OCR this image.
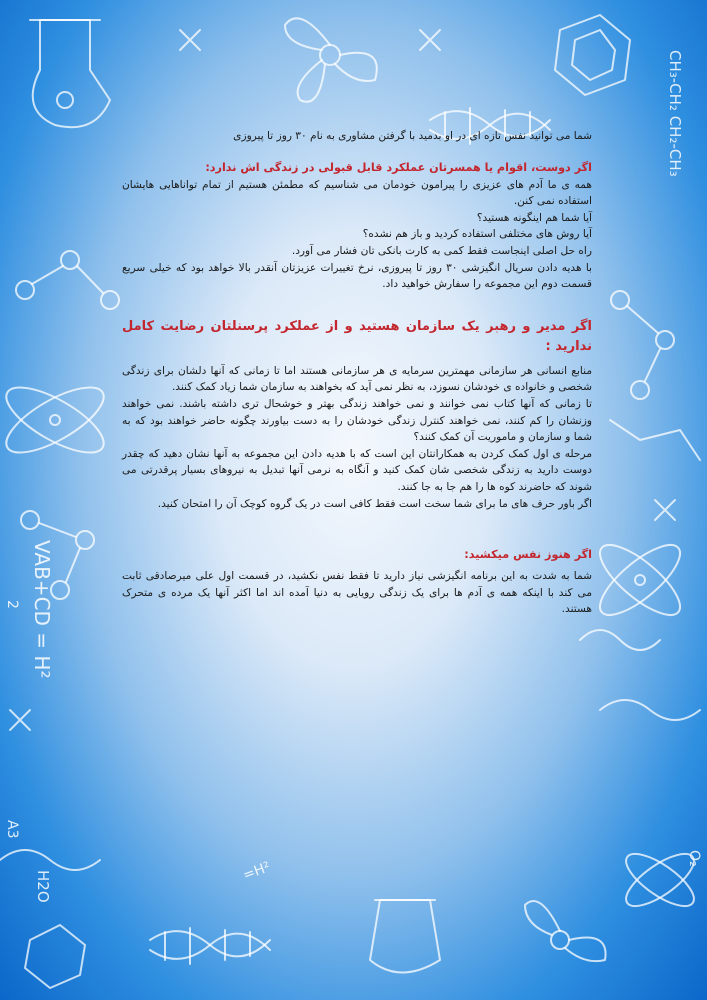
CH₃-CH₂ CH₂-CH₃
VAB+CD = H²
2
H2O
O₂
A3
=H²

شما می توانید نفس تازه ای در او بدمید با گرفتن مشاوری به نام ۳۰ روز تا پیروزی

اگر دوست، اقوام یا همسرتان عملکرد قابل قبولی در زندگی اش ندارد:

همه ی ما آدم های عزیزی را پیرامون خودمان می شناسیم که مطمئن هستیم از تمام تواناهایی هایشان استفاده نمی کنن.

آیا شما هم اینگونه هستید؟

آیا روش های مختلفی استفاده کردید و باز هم نشده؟

راه حل اصلی اینجاست فقط کمی به کارت بانکی تان فشار می آورد.

با هدیه دادن سریال انگیزشی ۳۰ روز تا پیروزی، نرخ تغییرات عزیزتان آنقدر بالا خواهد بود که خیلی سریع قسمت دوم این مجموعه را سفارش خواهید داد.

اگر مدیر و رهبر یک سازمان هستید و از عملکرد پرسنلتان رضایت کامل ندارید :

منابع انسانی هر سازمانی مهمترین سرمایه ی هر سازمانی هستند اما تا زمانی که آنها دلشان برای زندگی شخصی و خانواده ی خودشان نسوزد، به نظر نمی آید که بخواهند به سازمان شما زیاد کمک کنند.

تا زمانی که آنها کتاب نمی خوانند و نمی خواهند زندگی بهتر و خوشحال تری داشته باشند. نمی خواهند وزنشان را کم کنند، نمی خواهند کنترل زندگی خودشان را به دست بیاورند چگونه حاضر خواهند بود که به شما و سازمان و ماموریت آن کمک کنند؟

مرحله ی اول کمک کردن به همکارانتان این است که با هدیه دادن این مجموعه به آنها نشان دهید که چقدر دوست دارید به زندگی شخصی شان کمک کنید و آنگاه به نرمی آنها تبدیل به نیروهای بسیار پرقدرتی می شوند که حاضرند کوه ها را هم جا به جا کنند.

اگر باور حرف های ما برای شما سخت است فقط کافی است در یک گروه کوچک آن را امتحان کنید.

اگر هنوز نفس میکشید:

شما به شدت به این برنامه انگیزشی نیاز دارید تا فقط نفس نکشید، در قسمت اول علی میرصادقی ثابت می کند با اینکه همه ی آدم ها برای یک زندگی رویایی به دنیا آمده اند اما اکثر آنها یک مرده ی متحرک هستند.
